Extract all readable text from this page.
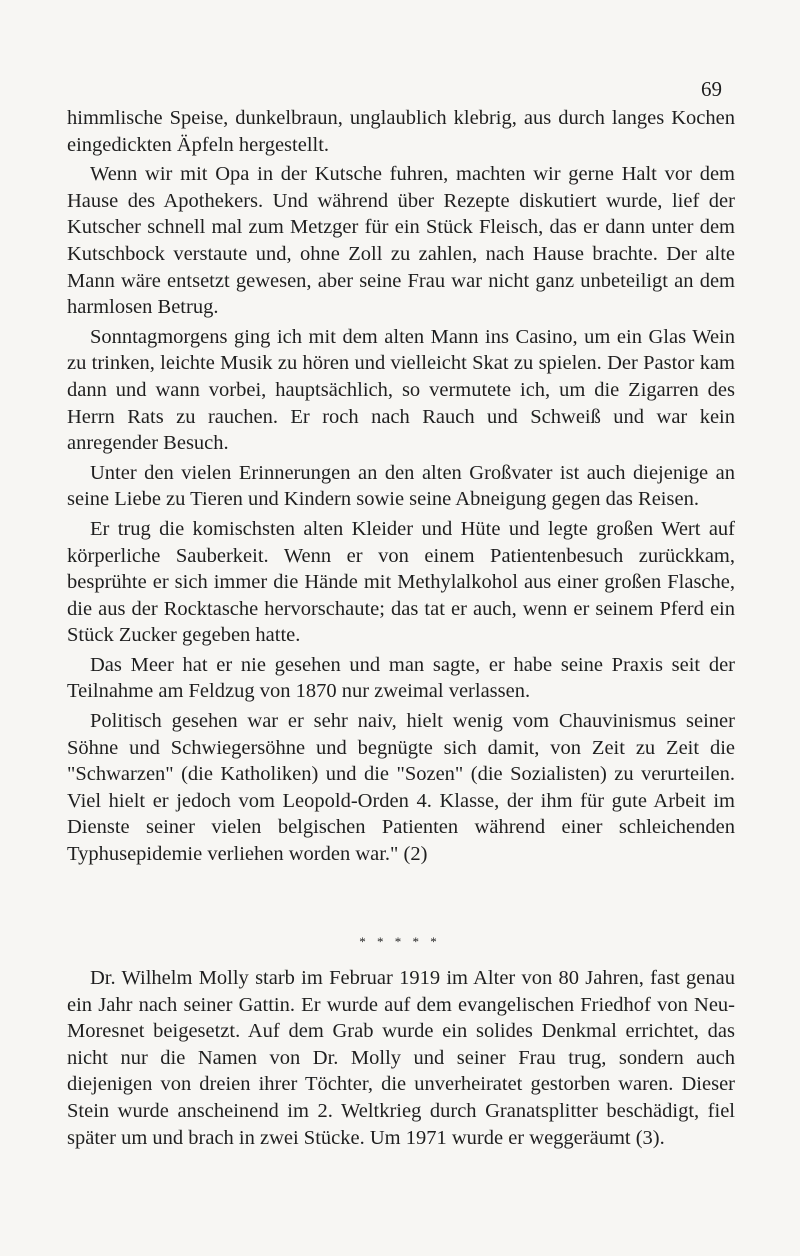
69

himmlische Speise, dunkelbraun, unglaublich klebrig, aus durch langes Kochen eingedickten Äpfeln hergestellt.

Wenn wir mit Opa in der Kutsche fuhren, machten wir gerne Halt vor dem Hause des Apothekers. Und während über Rezepte diskutiert wurde, lief der Kutscher schnell mal zum Metzger für ein Stück Fleisch, das er dann unter dem Kutschbock verstaute und, ohne Zoll zu zahlen, nach Hause brachte. Der alte Mann wäre entsetzt gewesen, aber seine Frau war nicht ganz unbeteiligt an dem harmlosen Betrug.

Sonntagmorgens ging ich mit dem alten Mann ins Casino, um ein Glas Wein zu trinken, leichte Musik zu hören und vielleicht Skat zu spielen. Der Pastor kam dann und wann vorbei, hauptsächlich, so vermutete ich, um die Zigarren des Herrn Rats zu rauchen. Er roch nach Rauch und Schweiß und war kein anregender Besuch.

Unter den vielen Erinnerungen an den alten Großvater ist auch diejenige an seine Liebe zu Tieren und Kindern sowie seine Abneigung gegen das Reisen.

Er trug die komischsten alten Kleider und Hüte und legte großen Wert auf körperliche Sauberkeit. Wenn er von einem Patientenbesuch zurückkam, besprühte er sich immer die Hände mit Methylalkohol aus einer großen Flasche, die aus der Rocktasche hervorschaute; das tat er auch, wenn er seinem Pferd ein Stück Zucker gegeben hatte.

Das Meer hat er nie gesehen und man sagte, er habe seine Praxis seit der Teilnahme am Feldzug von 1870 nur zweimal verlassen.

Politisch gesehen war er sehr naiv, hielt wenig vom Chauvinismus seiner Söhne und Schwiegersöhne und begnügte sich damit, von Zeit zu Zeit die "Schwarzen" (die Katholiken) und die "Sozen" (die Sozialisten) zu verurteilen. Viel hielt er jedoch vom Leopold-Orden 4. Klasse, der ihm für gute Arbeit im Dienste seiner vielen belgischen Patienten während einer schleichenden Typhusepidemie verliehen worden war." (2)

* * * * *

Dr. Wilhelm Molly starb im Februar 1919 im Alter von 80 Jahren, fast genau ein Jahr nach seiner Gattin. Er wurde auf dem evangelischen Friedhof von Neu-Moresnet beigesetzt. Auf dem Grab wurde ein solides Denkmal errichtet, das nicht nur die Namen von Dr. Molly und seiner Frau trug, sondern auch diejenigen von dreien ihrer Töchter, die unverheiratet gestorben waren. Dieser Stein wurde anscheinend im 2. Weltkrieg durch Granatsplitter beschädigt, fiel später um und brach in zwei Stücke. Um 1971 wurde er weggeräumt (3).
